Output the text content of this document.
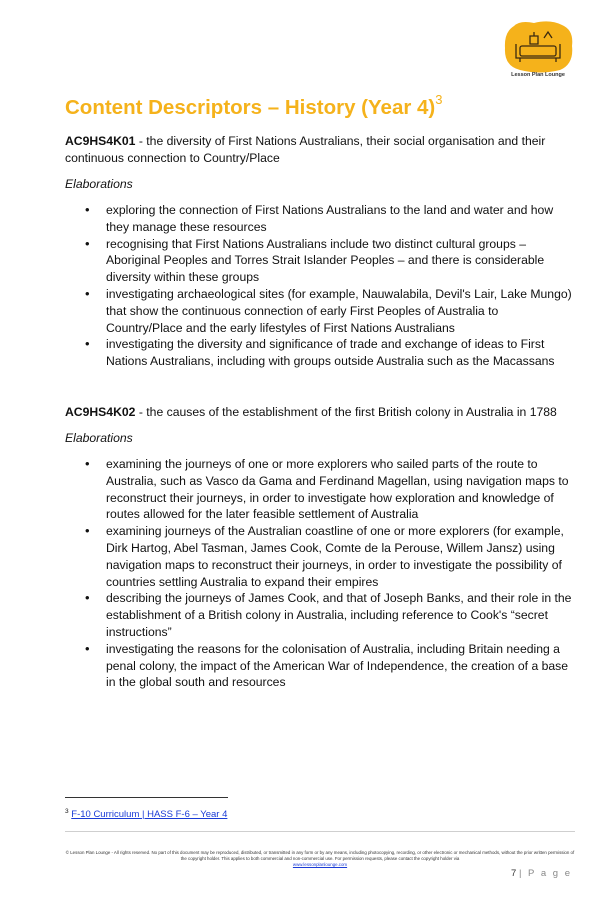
Lesson Plan Lounge
Content Descriptors – History (Year 4)$^3$

AC9HS4K01 - the diversity of First Nations Australians, their social organisation and their continuous connection to Country/Place

Elaborations

• exploring the connection of First Nations Australians to the land and water and how they manage these resources
• recognising that First Nations Australians include two distinct cultural groups – Aboriginal Peoples and Torres Strait Islander Peoples – and there is considerable diversity within these groups
• investigating archaeological sites (for example, Nauwalabila, Devil's Lair, Lake Mungo) that show the continuous connection of early First Peoples of Australia to Country/Place and the early lifestyles of First Nations Australians
• investigating the diversity and significance of trade and exchange of ideas to First Nations Australians, including with groups outside Australia such as the Macassans

AC9HS4K02 - the causes of the establishment of the first British colony in Australia in 1788

Elaborations

• examining the journeys of one or more explorers who sailed parts of the route to Australia, such as Vasco da Gama and Ferdinand Magellan, using navigation maps to reconstruct their journeys, in order to investigate how exploration and knowledge of routes allowed for the later feasible settlement of Australia
• examining journeys of the Australian coastline of one or more explorers (for example, Dirk Hartog, Abel Tasman, James Cook, Comte de la Perouse, Willem Jansz) using navigation maps to reconstruct their journeys, in order to investigate the possibility of countries settling Australia to expand their empires
• describing the journeys of James Cook, and that of Joseph Banks, and their role in the establishment of a British colony in Australia, including reference to Cook's “secret instructions”
• investigating the reasons for the colonisation of Australia, including Britain needing a penal colony, the impact of the American War of Independence, the creation of a base in the global south and resources
$^3$ F-10 Curriculum | HASS F-6 – Year 4
© Lesson Plan Lounge - All rights reserved. No part of this document may be reproduced, distributed, or transmitted in any form or by any means, including photocopying, recording, or other electronic or mechanical methods, without the prior written permission of the copyright holder. This applies to both commercial and non-commercial use. For permission requests, please contact the copyright holder via
www.lessonplanlounge.com
7 | P a g e
